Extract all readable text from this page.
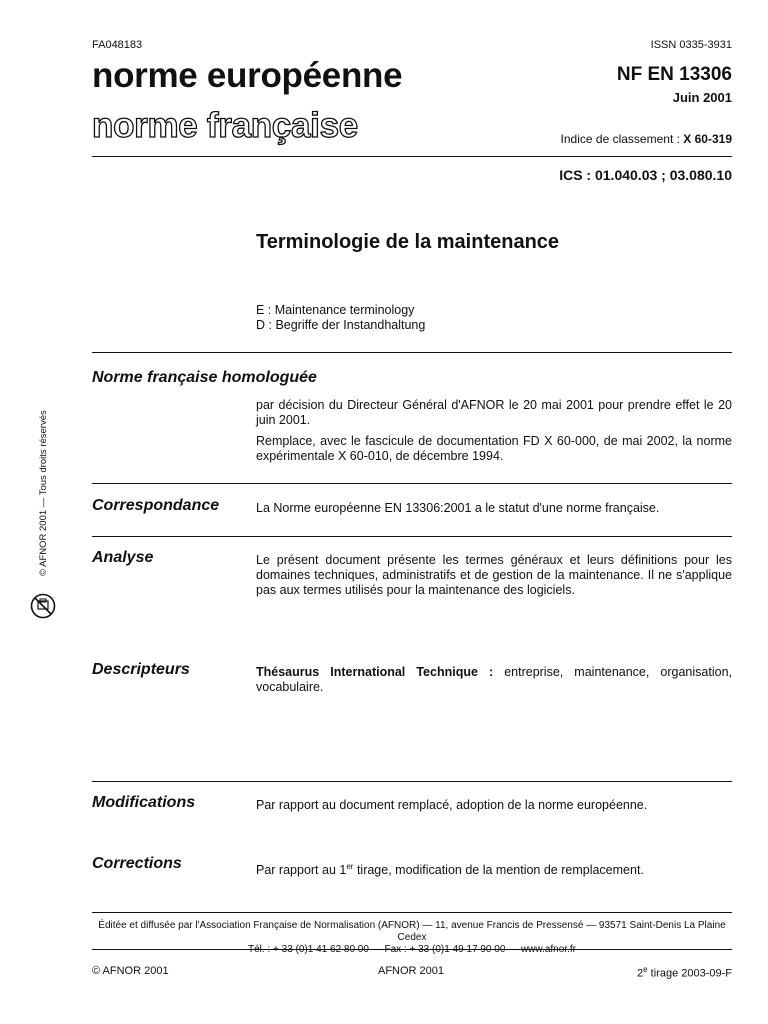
FA048183	ISSN 0335-3931
norme européenne
norme française
NF EN 13306
Juin 2001
Indice de classement : X 60-319
ICS : 01.040.03 ; 03.080.10
Terminologie de la maintenance
E : Maintenance terminology
D : Begriffe der Instandhaltung
Norme française homologuée

par décision du Directeur Général d'AFNOR le 20 mai 2001 pour prendre effet le 20 juin 2001.

Remplace, avec le fascicule de documentation FD X 60-000, de mai 2002, la norme expérimentale X 60-010, de décembre 1994.

Correspondance	La Norme européenne EN 13306:2001 a le statut d'une norme française.
Analyse	Le présent document présente les termes généraux et leurs définitions pour les domaines techniques, administratifs et de gestion de la maintenance. Il ne s'applique pas aux termes utilisés pour la maintenance des logiciels.
Descripteurs	Thésaurus International Technique : entreprise, maintenance, organisation, vocabulaire.
Modifications	Par rapport au document remplacé, adoption de la norme européenne.
Corrections	Par rapport au 1er tirage, modification de la mention de remplacement.
Éditée et diffusée par l'Association Française de Normalisation (AFNOR) — 11, avenue Francis de Pressensé — 93571 Saint-Denis La Plaine Cedex
Tél. : + 33 (0)1 41 62 80 00 — Fax : + 33 (0)1 49 17 90 00 — www.afnor.fr
© AFNOR 2001	AFNOR 2001	2e tirage 2003-09-F
© AFNOR 2001 — Tous droits réservés
